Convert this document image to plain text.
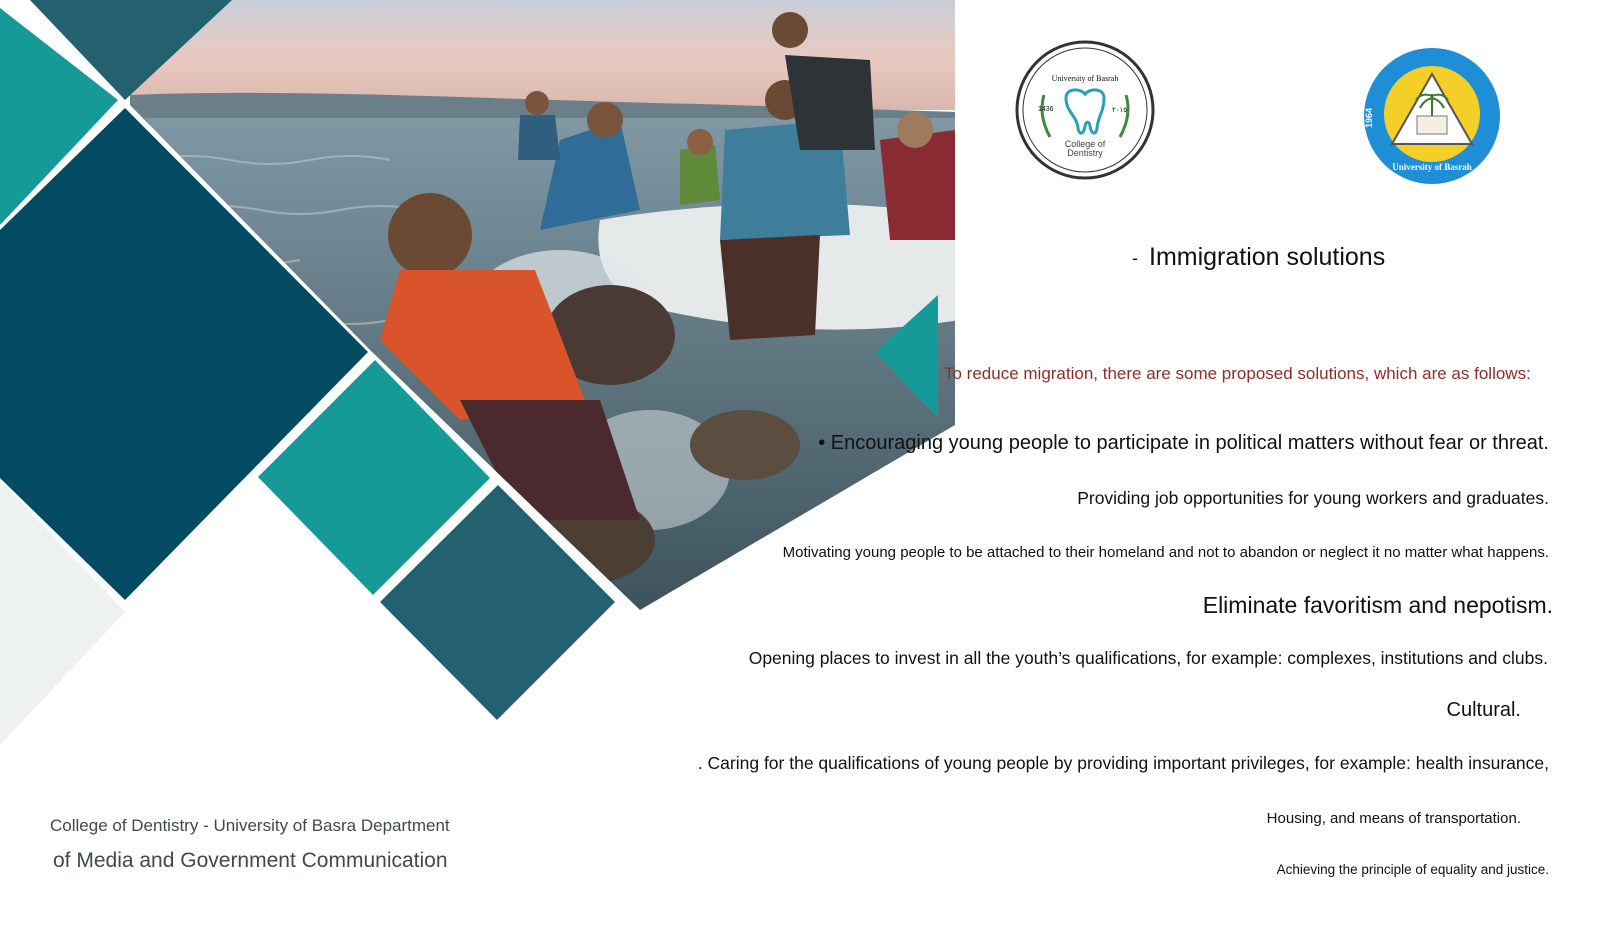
University of Basrah
1436	٢٠١٥
College of Dentistry
1964
University of Basrah
- Immigration solutions
To reduce migration, there are some proposed solutions, which are as follows:
• Encouraging young people to participate in political matters without fear or threat.
Providing job opportunities for young workers and graduates.
Motivating young people to be attached to their homeland and not to abandon or neglect it no matter what happens.
Eliminate favoritism and nepotism.
Opening places to invest in all the youth’s qualifications, for example: complexes, institutions and clubs.
Cultural.
. Caring for the qualifications of young people by providing important privileges, for example: health insurance,
Housing, and means of transportation.
Achieving the principle of equality and justice.
College of Dentistry - University of Basra Department
of Media and Government Communication
